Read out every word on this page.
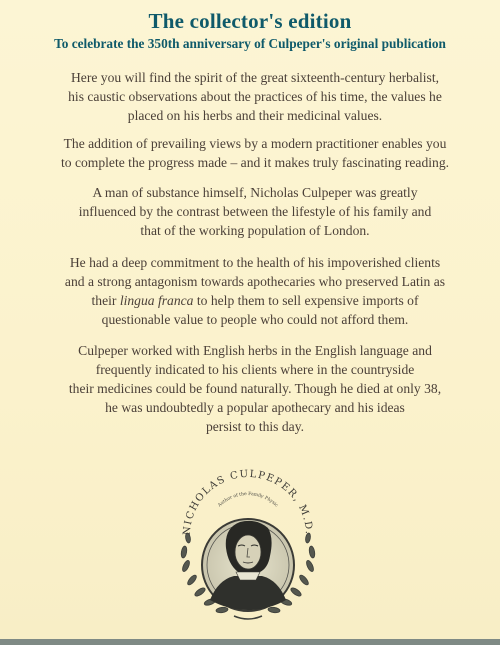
The collector's edition
To celebrate the 350th anniversary of Culpeper's original publication
Here you will find the spirit of the great sixteenth-century herbalist,
his caustic observations about the practices of his time, the values he
placed on his herbs and their medicinal values.
The addition of prevailing views by a modern practitioner enables you
to complete the progress made – and it makes truly fascinating reading.
A man of substance himself, Nicholas Culpeper was greatly
influenced by the contrast between the lifestyle of his family and
that of the working population of London.
He had a deep commitment to the health of his impoverished clients
and a strong antagonism towards apothecaries who preserved Latin as
their lingua franca to help them to sell expensive imports of
questionable value to people who could not afford them.
Culpeper worked with English herbs in the English language and
frequently indicated to his clients where in the countryside
their medicines could be found naturally. Though he died at only 38,
he was undoubtedly a popular apothecary and his ideas
persist to this day.
NICHOLAS CULPEPER, M.D.
Author of the Family Physic
